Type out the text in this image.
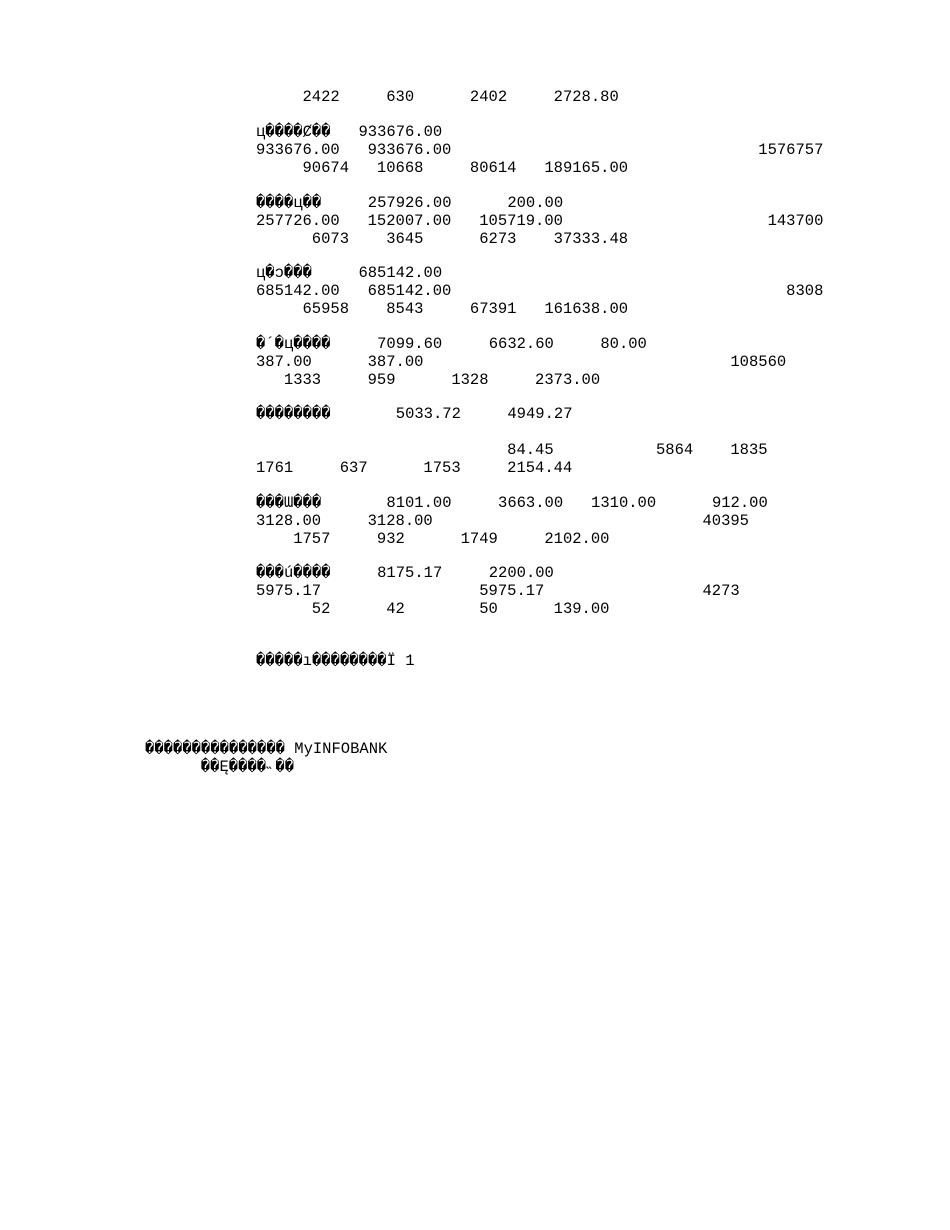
2422     630      2402     2728.80
ц����Ȼ��   933676.00
933676.00   933676.00                                 1576757
90674   10668     80614   189165.00
����ц��     257926.00      200.00
257726.00   152007.00   105719.00                      143700
6073    3645      6273    37333.48
ц�ɔ���     685142.00
685142.00   685142.00                                    8308
65958    8543     67391   161638.00
�´�ц����     7099.60     6632.60     80.00
387.00      387.00                                 108560
1333     959      1328     2373.00
��������       5033.72     4949.27
84.45           5864    1835
1761     637      1753     2154.44
���Ɯ���       8101.00     3663.00   1310.00      912.00
3128.00     3128.00                             40395
1757     932      1749     2102.00
���ú����     8175.17     2200.00
5975.17                 5975.17                 4273
52      42        50      139.00
�����ı��������Ï 1
��������������� MyINFOBANK
��Ę����˵��
